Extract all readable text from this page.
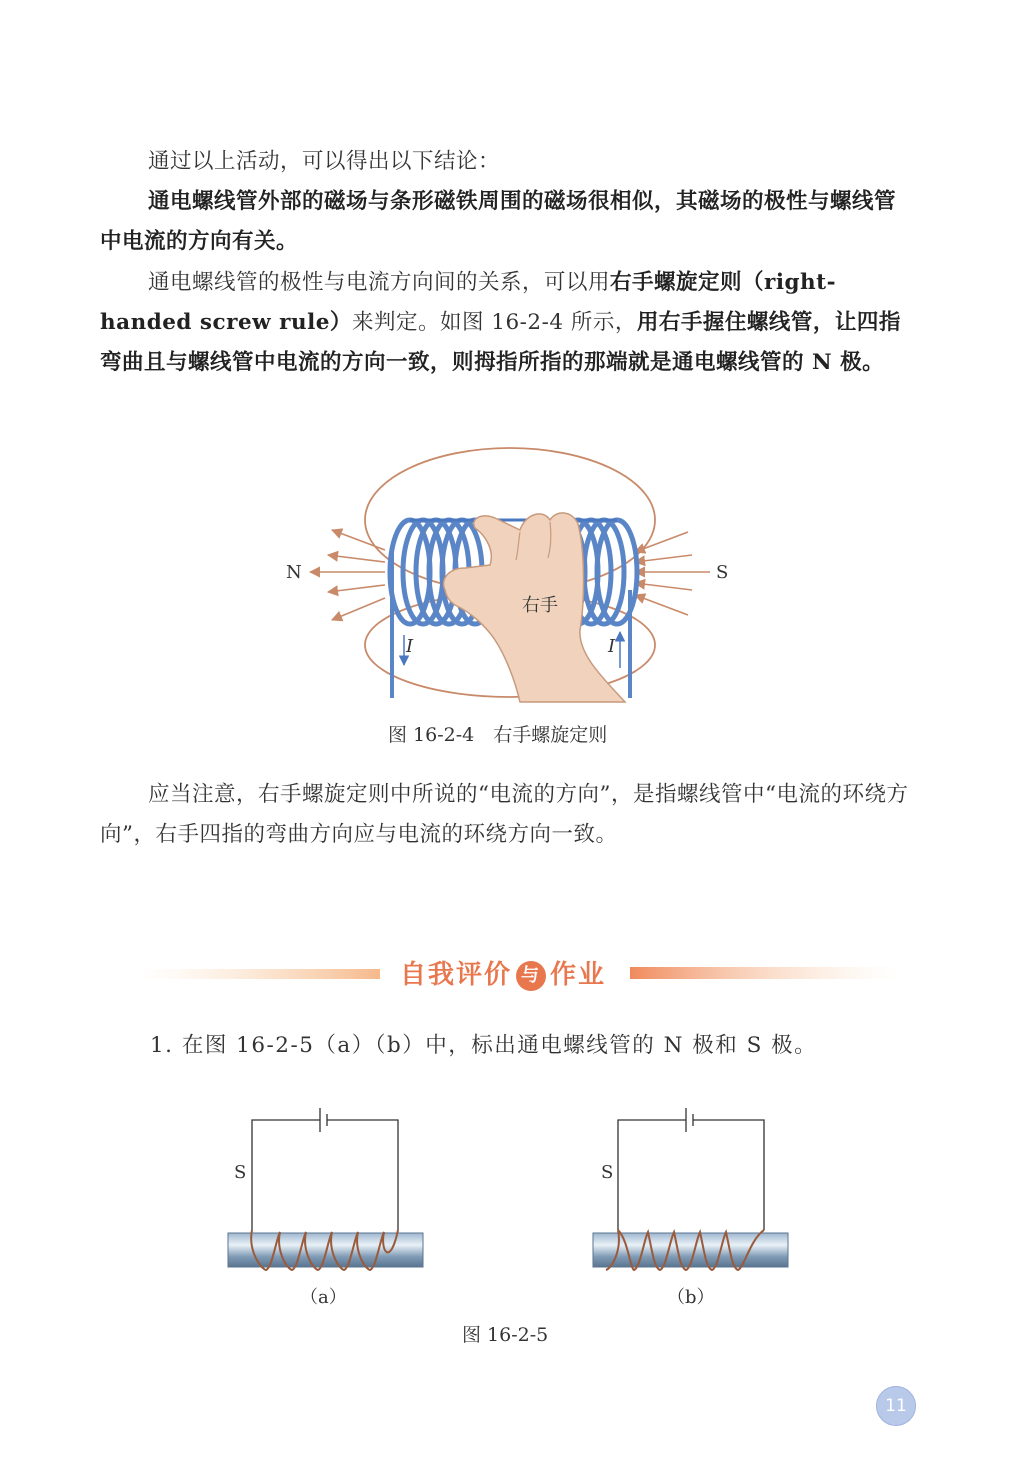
通过以上活动，可以得出以下结论：
通电螺线管外部的磁场与条形磁铁周围的磁场很相似，其磁场的极性与螺线管中电流的方向有关。
通电螺线管的极性与电流方向间的关系，可以用右手螺旋定则（right-handed screw rule）来判定。如图 16-2-4 所示，用右手握住螺线管，让四指弯曲且与螺线管中电流的方向一致，则拇指所指的那端就是通电螺线管的 N 极。
N	S
右手
I	I
图 16-2-4　右手螺旋定则
应当注意，右手螺旋定则中所说的“电流的方向”，是指螺线管中“电流的环绕方向”，右手四指的弯曲方向应与电流的环绕方向一致。
自我评价 与 作业
1. 在图 16-2-5（a）（b）中，标出通电螺线管的 N 极和 S 极。
S	S
（a）	（b）
图 16-2-5
11
